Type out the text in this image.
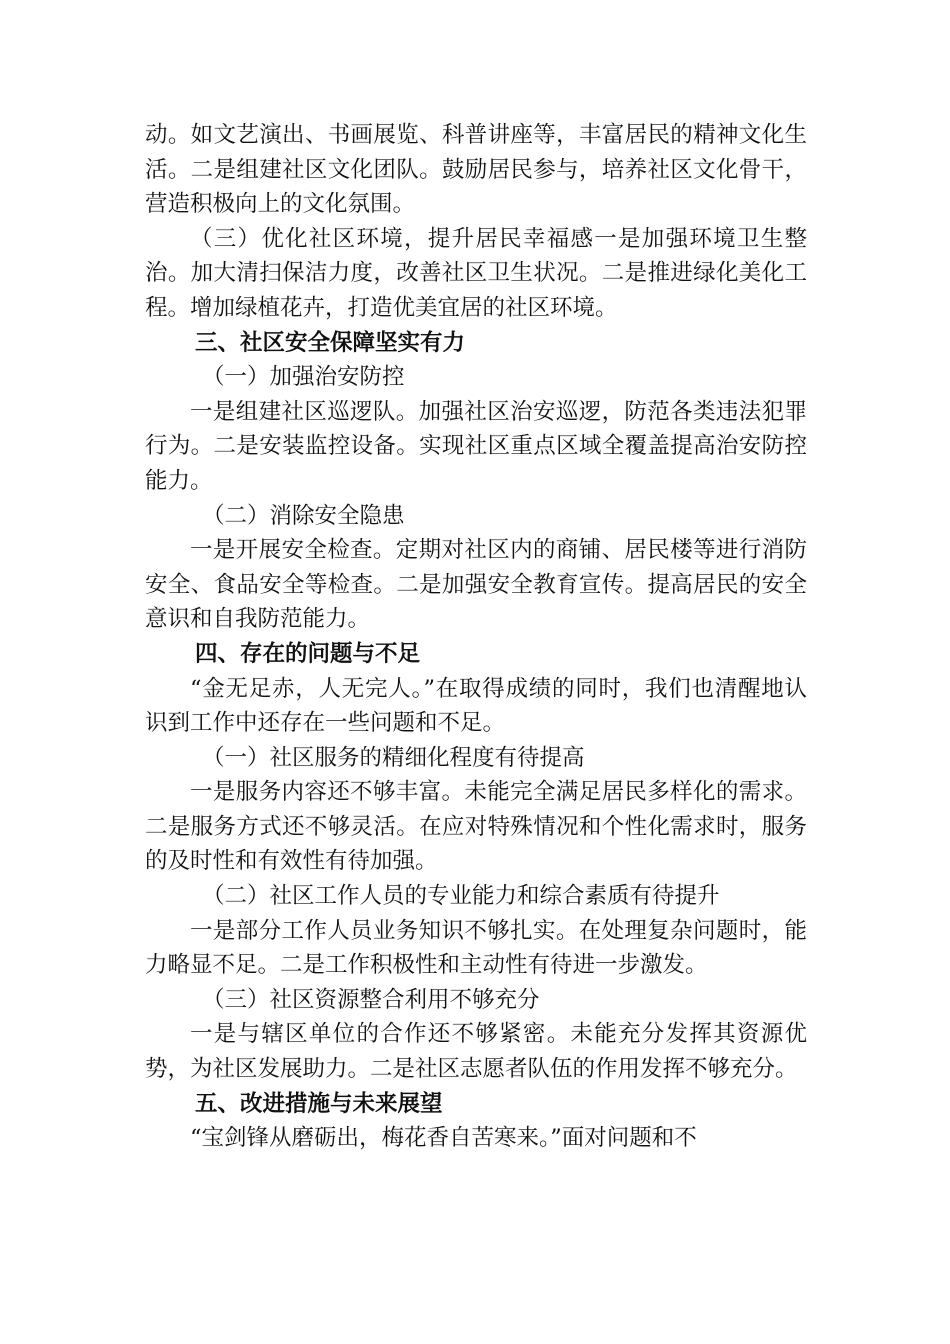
动。如文艺演出、书画展览、科普讲座等，丰富居民的精神文化生活。二是组建社区文化团队。鼓励居民参与，培养社区文化骨干，营造积极向上的文化氛围。

（三）优化社区环境，提升居民幸福感一是加强环境卫生整治。加大清扫保洁力度，改善社区卫生状况。二是推进绿化美化工程。增加绿植花卉，打造优美宜居的社区环境。

三、社区安全保障坚实有力

（一）加强治安防控

一是组建社区巡逻队。加强社区治安巡逻，防范各类违法犯罪行为。二是安装监控设备。实现社区重点区域全覆盖提高治安防控能力。

（二）消除安全隐患

一是开展安全检查。定期对社区内的商铺、居民楼等进行消防安全、食品安全等检查。二是加强安全教育宣传。提高居民的安全意识和自我防范能力。

四、存在的问题与不足

“金无足赤，人无完人。”在取得成绩的同时，我们也清醒地认识到工作中还存在一些问题和不足。

（一）社区服务的精细化程度有待提高

一是服务内容还不够丰富。未能完全满足居民多样化的需求。二是服务方式还不够灵活。在应对特殊情况和个性化需求时，服务的及时性和有效性有待加强。

（二）社区工作人员的专业能力和综合素质有待提升

一是部分工作人员业务知识不够扎实。在处理复杂问题时，能力略显不足。二是工作积极性和主动性有待进一步激发。

（三）社区资源整合利用不够充分

一是与辖区单位的合作还不够紧密。未能充分发挥其资源优势，为社区发展助力。二是社区志愿者队伍的作用发挥不够充分。

五、改进措施与未来展望

“宝剑锋从磨砺出，梅花香自苦寒来。”面对问题和不
